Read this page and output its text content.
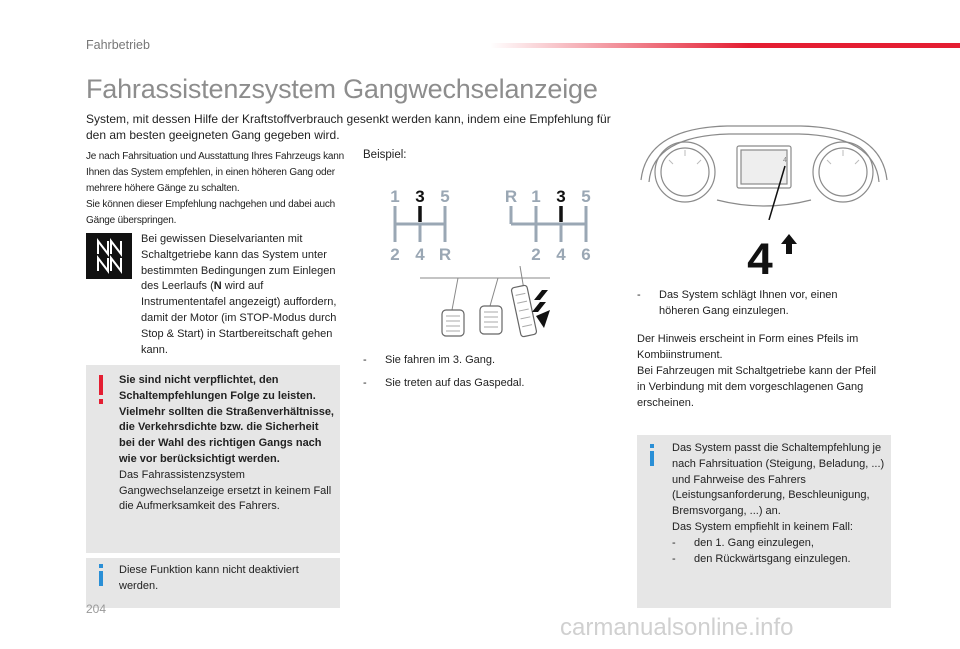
Fahrbetrieb
Fahrassistenzsystem Gangwechselanzeige
System, mit dessen Hilfe der Kraftstoffverbrauch gesenkt werden kann, indem eine Empfehlung für den am besten geeigneten Gang gegeben wird.
Je nach Fahrsituation und Ausstattung Ihres Fahrzeugs kann Ihnen das System empfehlen, in einen höheren Gang oder mehrere höhere Gänge zu schalten.
Sie können dieser Empfehlung nachgehen und dabei auch Gänge überspringen.
Bei gewissen Dieselvarianten mit Schaltgetriebe kann das System unter bestimmten Bedingungen zum Einlegen des Leerlaufs (N wird auf Instrumententafel angezeigt) auffordern, damit der Motor (im STOP-Modus durch Stop & Start) in Startbereitschaft gehen kann.
Sie sind nicht verpflichtet, den Schaltempfehlungen Folge zu leisten.
Vielmehr sollten die Straßenverhältnisse, die Verkehrsdichte bzw. die Sicherheit bei der Wahl des richtigen Gangs nach wie vor berücksichtigt werden.
Das Fahrassistenzsystem Gangwechselanzeige ersetzt in keinem Fall die Aufmerksamkeit des Fahrers.
Diese Funktion kann nicht deaktiviert werden.
Beispiel:
1 3 5
2 4 R
R 1 3 5
2 4 6
-	Sie fahren im 3. Gang.
-	Sie treten auf das Gaspedal.
4
4
-	Das System schlägt Ihnen vor, einen höheren Gang einzulegen.
Der Hinweis erscheint in Form eines Pfeils im Kombiinstrument.
Bei Fahrzeugen mit Schaltgetriebe kann der Pfeil in Verbindung mit dem vorgeschlagenen Gang erscheinen.
Das System passt die Schaltempfehlung je nach Fahrsituation (Steigung, Beladung, ...) und Fahrweise des Fahrers (Leistungsanforderung, Beschleunigung, Bremsvorgang, ...) an.
Das System empfiehlt in keinem Fall:
-	den 1. Gang einzulegen,
-	den Rückwärtsgang einzulegen.
204
carmanualsonline.info
